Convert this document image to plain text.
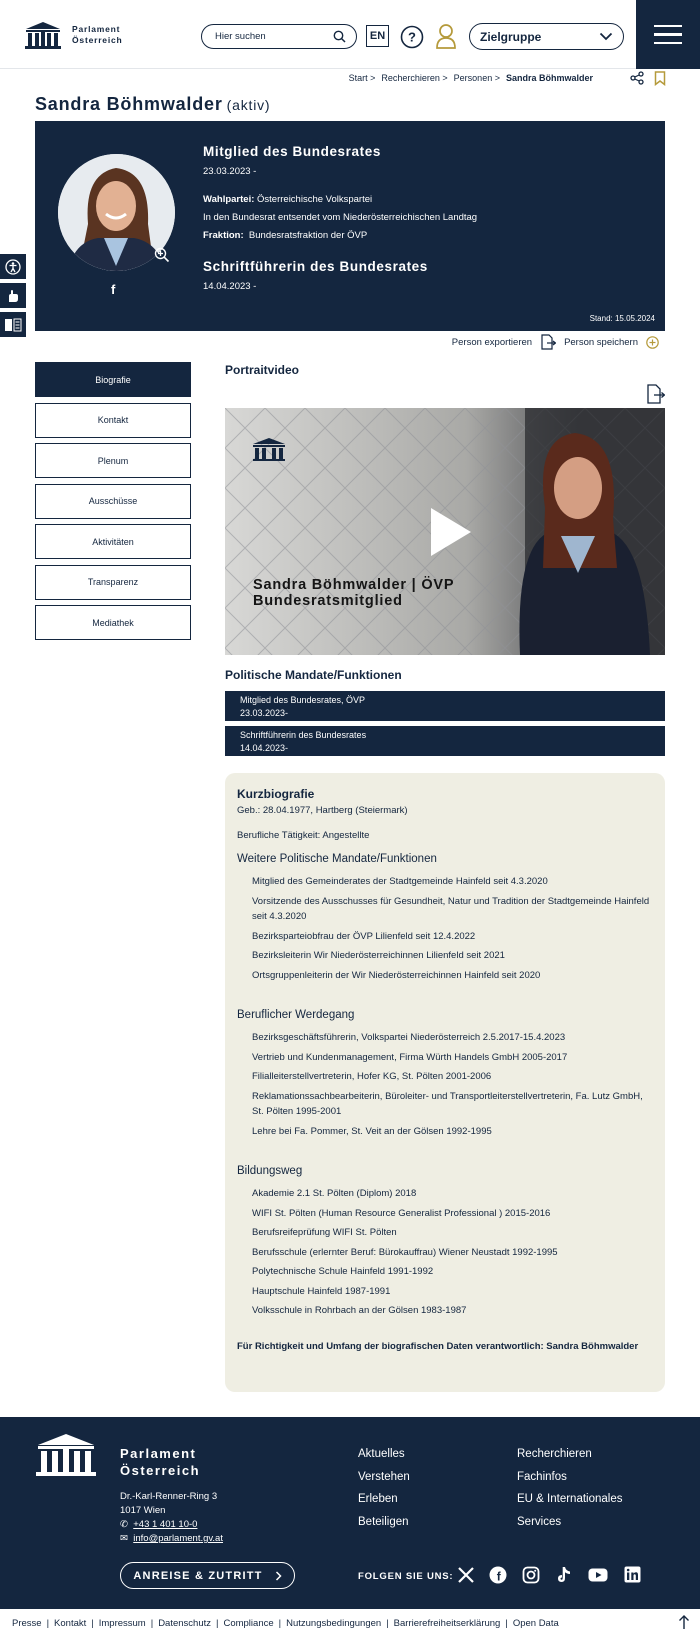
Parlament
Österreich
Hier suchen	EN ?	Zielgruppe
Start > Recherchieren > Personen > Sandra Böhmwalder
Sandra Böhmwalder (aktiv)
f
Mitglied des Bundesrates
23.03.2023 -
Wahlpartei: Österreichische Volkspartei
In den Bundesrat entsendet vom Niederösterreichischen Landtag
Fraktion: Bundesratsfraktion der ÖVP
Schriftführerin des Bundesrates
14.04.2023 -
Stand: 15.05.2024
Person exportieren	Person speichern
Biografie
Kontakt
Plenum
Ausschüsse
Aktivitäten
Transparenz
Mediathek
Portraitvideo
Sandra Böhmwalder | ÖVP
Bundesratsmitglied
Politische Mandate/Funktionen
Mitglied des Bundesrates, ÖVP
23.03.2023-
Schriftführerin des Bundesrates
14.04.2023-
Kurzbiografie
Geb.: 28.04.1977, Hartberg (Steiermark)
Berufliche Tätigkeit: Angestellte
Weitere Politische Mandate/Funktionen
Mitglied des Gemeinderates der Stadtgemeinde Hainfeld seit 4.3.2020
Vorsitzende des Ausschusses für Gesundheit, Natur und Tradition der Stadtgemeinde Hainfeld seit 4.3.2020
Bezirksparteiobfrau der ÖVP Lilienfeld seit 12.4.2022
Bezirksleiterin Wir Niederösterreichinnen Lilienfeld seit 2021
Ortsgruppenleiterin der Wir Niederösterreichinnen Hainfeld seit 2020
Beruflicher Werdegang
Bezirksgeschäftsführerin, Volkspartei Niederösterreich 2.5.2017-15.4.2023
Vertrieb und Kundenmanagement, Firma Würth Handels GmbH 2005-2017
Filialleiterstellvertreterin, Hofer KG, St. Pölten 2001-2006
Reklamationssachbearbeiterin, Büroleiter- und Transportleiterstellvertreterin, Fa. Lutz GmbH, St. Pölten 1995-2001
Lehre bei Fa. Pommer, St. Veit an der Gölsen 1992-1995
Bildungsweg
Akademie 2.1 St. Pölten (Diplom) 2018
WIFI St. Pölten (Human Resource Generalist Professional ) 2015-2016
Berufsreifeprüfung WIFI St. Pölten
Berufsschule (erlernter Beruf: Bürokauffrau) Wiener Neustadt 1992-1995
Polytechnische Schule Hainfeld 1991-1992
Hauptschule Hainfeld 1987-1991
Volksschule in Rohrbach an der Gölsen 1983-1987
Für Richtigkeit und Umfang der biografischen Daten verantwortlich: Sandra Böhmwalder
Parlament
Österreich
Dr.-Karl-Renner-Ring 3
1017 Wien
✆ +43 1 401 10-0
✉ info@parlament.gv.at
Aktuelles
Verstehen
Erleben
Beteiligen
Recherchieren
Fachinfos
EU & Internationales
Services
ANREISE & ZUTRITT	FOLGEN SIE UNS:	f
Presse | Kontakt | Impressum | Datenschutz | Compliance | Nutzungsbedingungen | Barrierefreiheitserklärung | Open Data
